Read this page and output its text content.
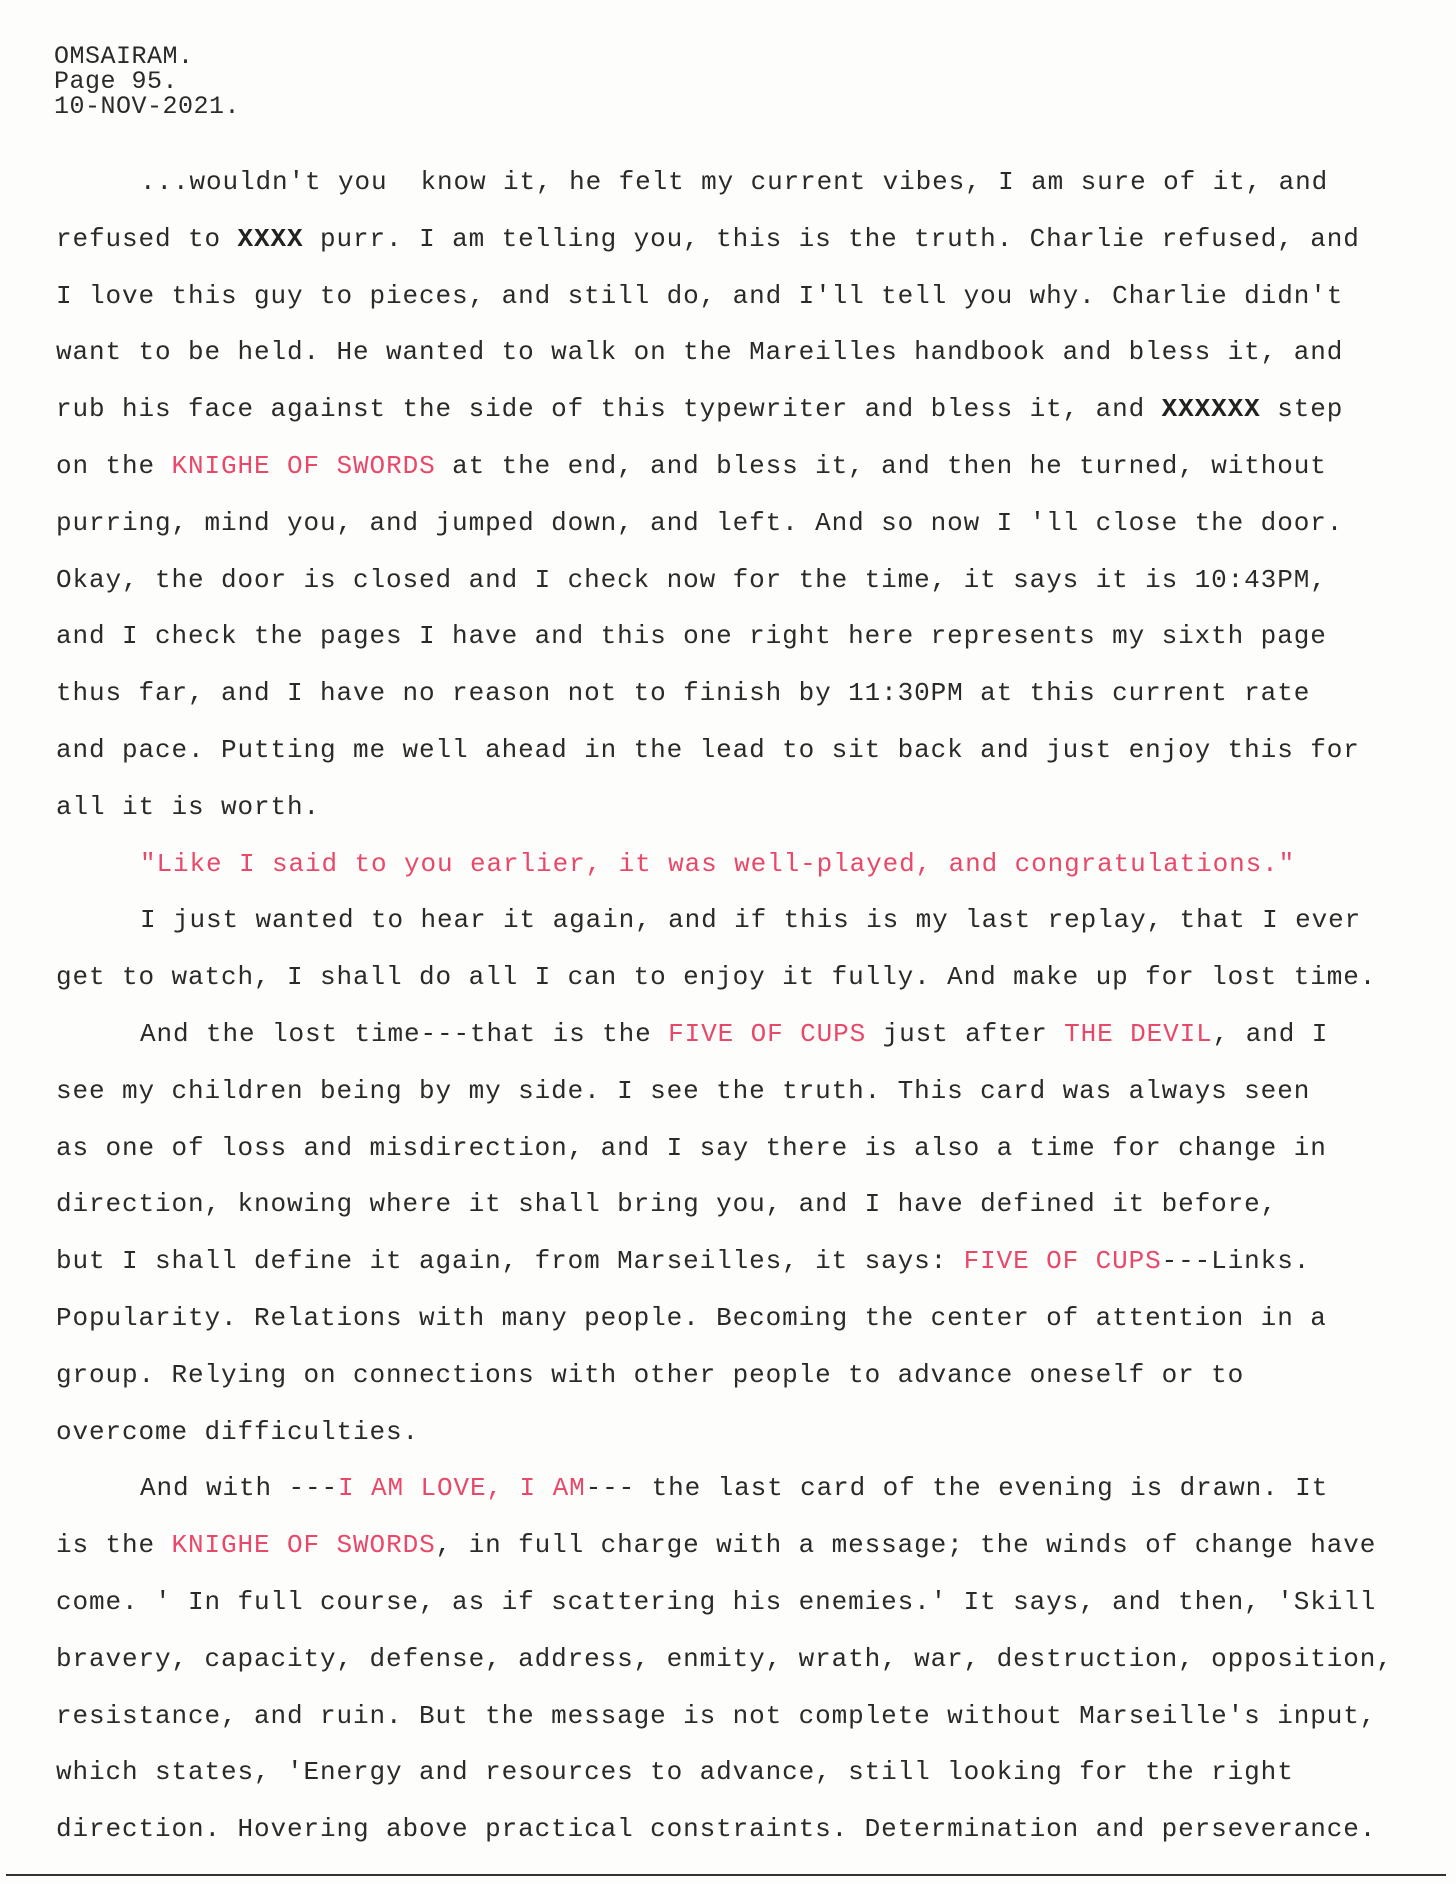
OMSAIRAM.
Page 95.
10-NOV-2021.
...wouldn't you  know it, he felt my current vibes, I am sure of it, and
refused to XXXX purr. I am telling you, this is the truth. Charlie refused, and
I love this guy to pieces, and still do, and I'll tell you why. Charlie didn't
want to be held. He wanted to walk on the Mareilles handbook and bless it, and
rub his face against the side of this typewriter and bless it, and XXXXXX step
on the KNIGHE OF SWORDS at the end, and bless it, and then he turned, without
purring, mind you, and jumped down, and left. And so now I 'll close the door.
Okay, the door is closed and I check now for the time, it says it is 10:43PM,
and I check the pages I have and this one right here represents my sixth page
thus far, and I have no reason not to finish by 11:30PM at this current rate
and pace. Putting me well ahead in the lead to sit back and just enjoy this for
all it is worth.
"Like I said to you earlier, it was well-played, and congratulations."
I just wanted to hear it again, and if this is my last replay, that I ever
get to watch, I shall do all I can to enjoy it fully. And make up for lost time.
And the lost time---that is the FIVE OF CUPS just after THE DEVIL, and I
see my children being by my side. I see the truth. This card was always seen
as one of loss and misdirection, and I say there is also a time for change in
direction, knowing where it shall bring you, and I have defined it before,
but I shall define it again, from Marseilles, it says: FIVE OF CUPS---Links.
Popularity. Relations with many people. Becoming the center of attention in a
group. Relying on connections with other people to advance oneself or to
overcome difficulties.
And with ---I AM LOVE, I AM--- the last card of the evening is drawn. It
is the KNIGHE OF SWORDS, in full charge with a message; the winds of change have
come. ' In full course, as if scattering his enemies.' It says, and then, 'Skill
bravery, capacity, defense, address, enmity, wrath, war, destruction, opposition,
resistance, and ruin. But the message is not complete without Marseille's input,
which states, 'Energy and resources to advance, still looking for the right
direction. Hovering above practical constraints. Determination and perseverance.
